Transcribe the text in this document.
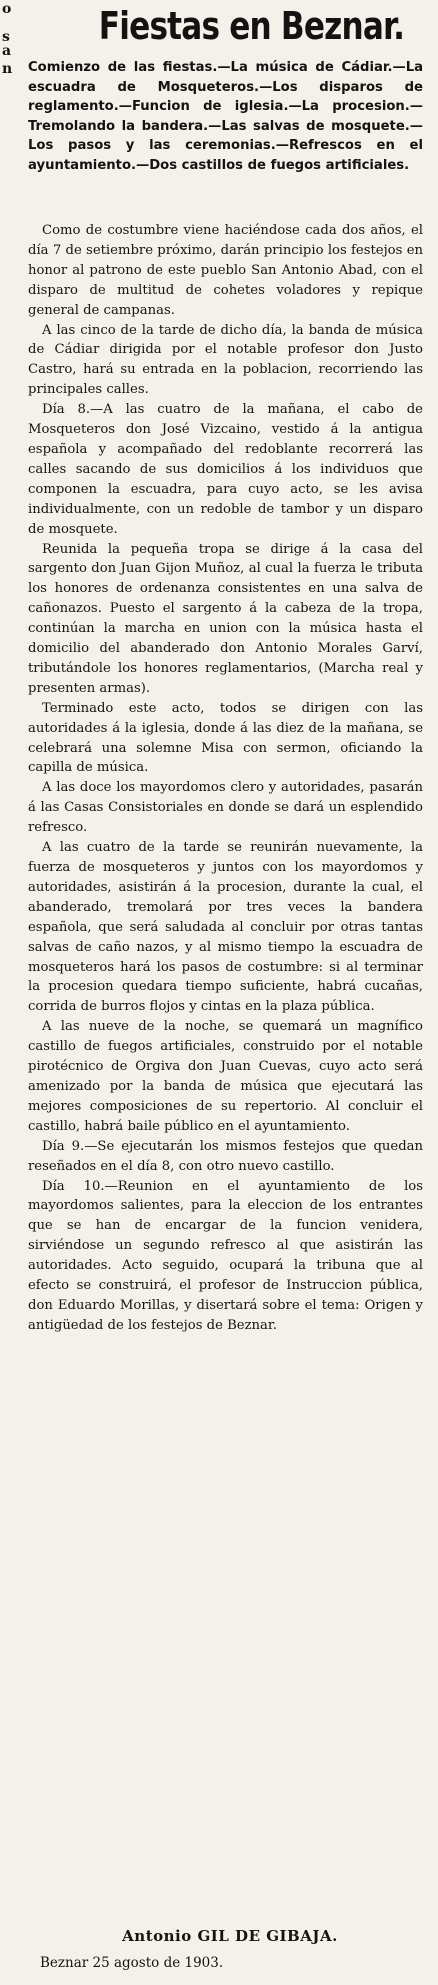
o
s
a
n
Fiestas en Beznar.

Comienzo de las fiestas.—La música de Cádiar.—La escuadra de Mosqueteros.—Los disparos de reglamento.—Funcion de iglesia.—La procesion.—Tremolando la bandera.—Las salvas de mosquete.—Los pasos y las ceremonias.—Refrescos en el ayuntamiento.—Dos castillos de fuegos artificiales.

Como de costumbre viene haciéndose cada dos años, el día 7 de setiembre próximo, darán principio los festejos en honor al patrono de este pueblo San Antonio Abad, con el disparo de multitud de cohetes voladores y repique general de campanas.

A las cinco de la tarde de dicho día, la banda de música de Cádiar dirigida por el notable profesor don Justo Castro, hará su entrada en la poblacion, recorriendo las principales calles.

Día 8.—A las cuatro de la mañana, el cabo de Mosqueteros don José Vizcaino, vestido á la antigua española y acompañado del redoblante recorrerá las calles sacando de sus domicilios á los individuos que componen la escuadra, para cuyo acto, se les avisa individualmente, con un redoble de tambor y un disparo de mosquete.

Reunida la pequeña tropa se dirige á la casa del sargento don Juan Gijon Muñoz, al cual la fuerza le tributa los honores de ordenanza consistentes en una salva de cañonazos. Puesto el sargento á la cabeza de la tropa, continúan la marcha en union con la música hasta el domicilio del abanderado don Antonio Morales Garví, tributándole los honores reglamentarios, (Marcha real y presenten armas).

Terminado este acto, todos se dirigen con las autoridades á la iglesia, donde á las diez de la mañana, se celebrará una solemne Misa con sermon, oficiando la capilla de música.

A las doce los mayordomos clero y autoridades, pasarán á las Casas Consistoriales en donde se dará un esplendido refresco.

A las cuatro de la tarde se reunirán nuevamente, la fuerza de mosqueteros y juntos con los mayordomos y autoridades, asistirán á la procesion, durante la cual, el abanderado, tremolará por tres veces la bandera española, que será saludada al concluir por otras tantas salvas de caño nazos, y al mismo tiempo la escuadra de mosqueteros hará los pasos de costumbre: si al terminar la procesion quedara tiempo suficiente, habrá cucañas, corrida de burros flojos y cintas en la plaza pública.

A las nueve de la noche, se quemará un magnífico castillo de fuegos artificiales, construido por el notable pirotécnico de Orgiva don Juan Cuevas, cuyo acto será amenizado por la banda de música que ejecutará las mejores composiciones de su repertorio. Al concluir el castillo, habrá baile público en el ayuntamiento.

Día 9.—Se ejecutarán los mismos festejos que quedan reseñados en el día 8, con otro nuevo castillo.

Día 10.—Reunion en el ayuntamiento de los mayordomos salientes, para la eleccion de los entrantes que se han de encargar de la funcion venidera, sirviéndose un segundo refresco al que asistirán las autoridades. Acto seguido, ocupará la tribuna que al efecto se construirá, el profesor de Instruccion pública, don Eduardo Morillas, y disertará sobre el tema: Origen y antigüedad de los festejos de Beznar.

Antonio GIL DE GIBAJA.
Beznar 25 agosto de 1903.
